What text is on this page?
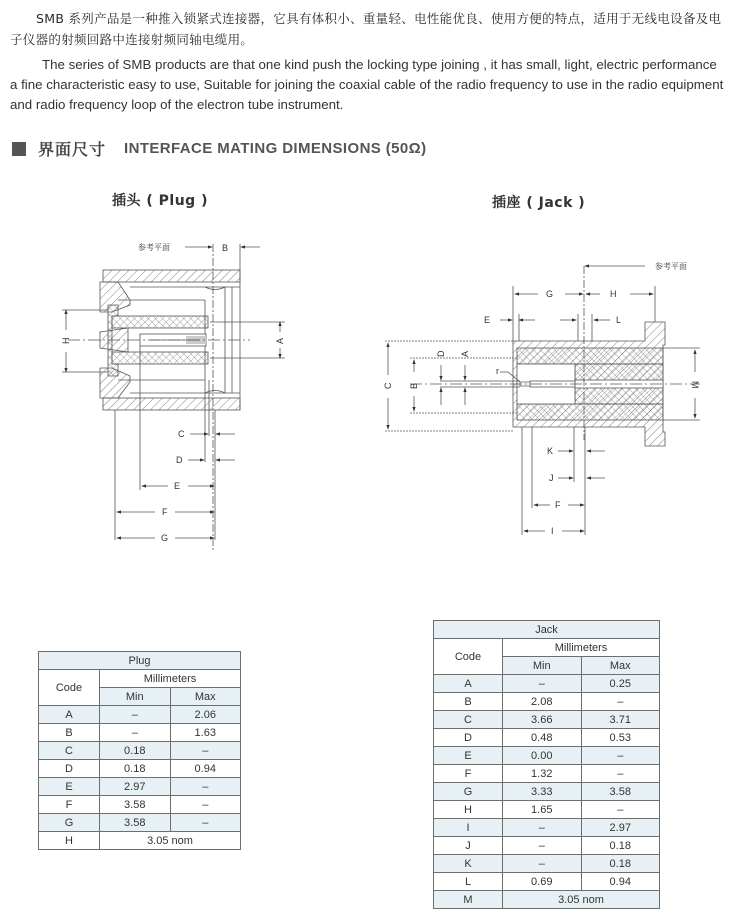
SMB 系列产品是一种推入锁紧式连接器，它具有体积小、重量轻、电性能优良、使用方便的特点，适用于无线电设备及电子仪器的射频回路中连接射频同轴电缆用。
The series of SMB products are that one kind push the locking type joining , it has small, light, electric performance a fine characteristic easy to use, Suitable for joining the coaxial cable of the radio frequency to use in the radio equipment and radio frequency loop of the electron tube instrument.
界面尺寸 INTERFACE MATING DIMENSIONS (50Ω)
插头 ( Plug )	插座 ( Jack )
参考平面	B
A
H
C
D
E
F
G
参考平面
G	H
E	L
C B
D A
r
M
K
J
F
I
Plug		
Code	Millimeters	
	Min	Max
A	–	2.06
B	–	1.63
C	0.18	–
D	0.18	0.94
E	2.97	–
F	3.58	–
G	3.58	–
H	3.05 nom	
Jack		
Code	Millimeters	
	Min	Max
A	–	0.25
B	2.08	–
C	3.66	3.71
D	0.48	0.53
E	0.00	–
F	1.32	–
G	3.33	3.58
H	1.65	–
I	–	2.97
J	–	0.18
K	–	0.18
L	0.69	0.94
M	3.05 nom	
